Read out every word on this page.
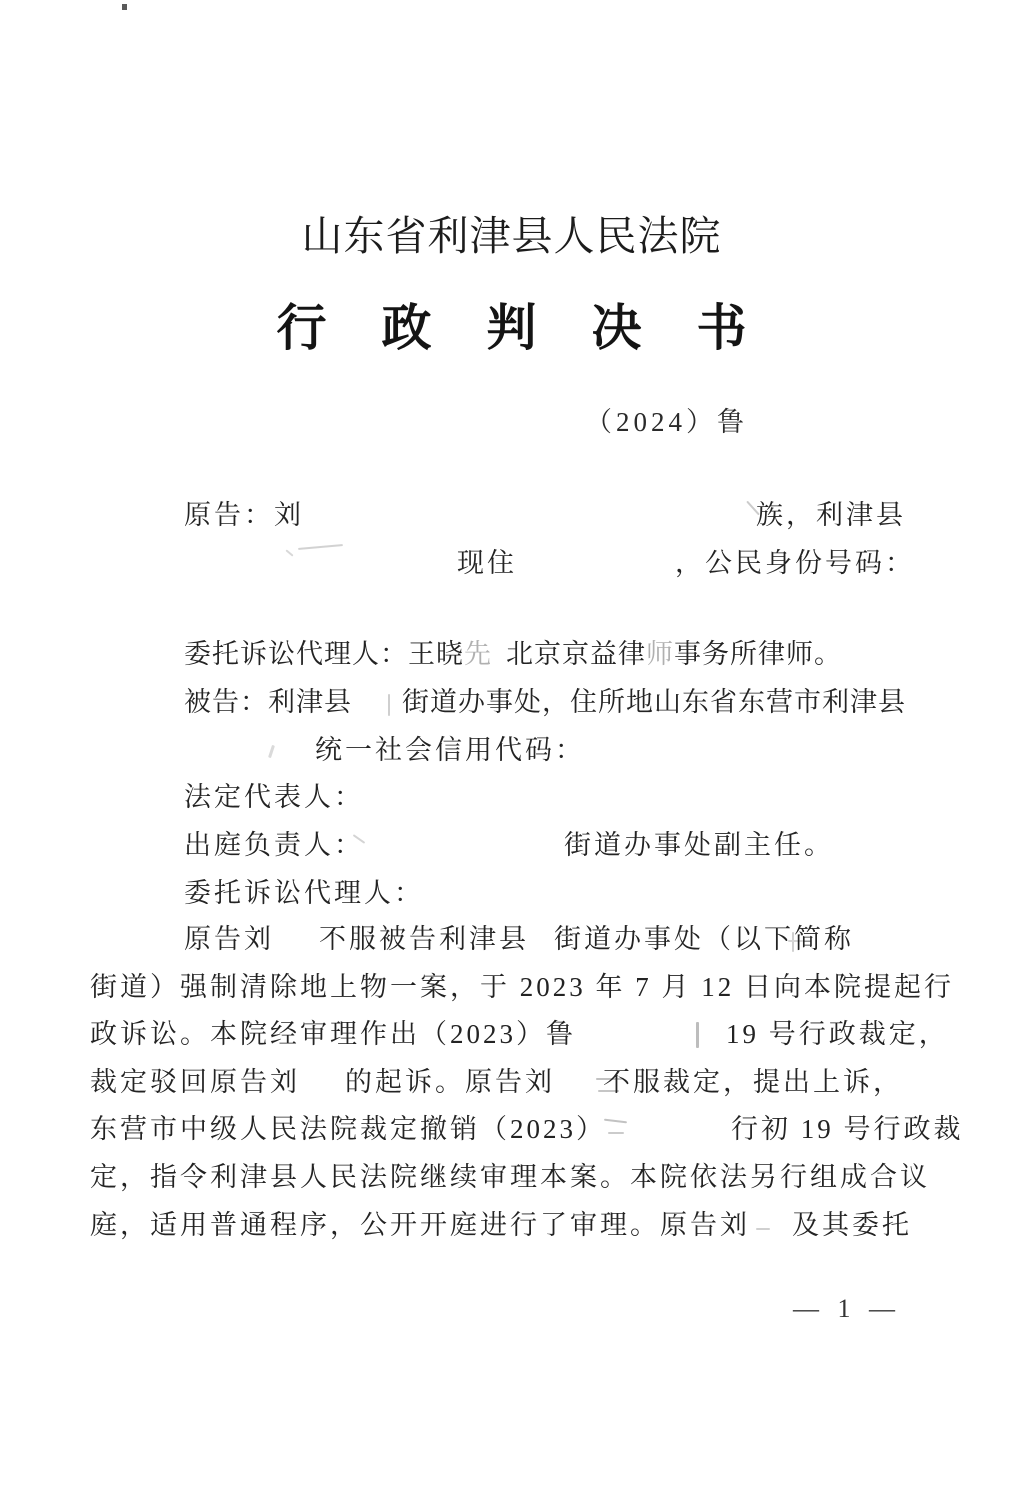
山东省利津县人民法院
行政判决书
（2024）鲁
原告：刘	族，利津县
现住	，公民身份号码：
委托诉讼代理人：王晓先 北京京益律师事务所律师。
被告：利津县 街道办事处，住所地山东省东营市利津县
统一社会信用代码：
法定代表人：
出庭负责人：	街道办事处副主任。
委托诉讼代理人：
原告刘 不服被告利津县 街道办事处（以下简称
街道）强制清除地上物一案，于 2023 年 7 月 12 日向本院提起行
政诉讼。本院经审理作出（2023）鲁	19 号行政裁定，
裁定驳回原告刘 的起诉。原告刘 不服裁定，提出上诉，
东营市中级人民法院裁定撤销（2023）	行初 19 号行政裁
定，指令利津县人民法院继续审理本案。本院依法另行组成合议
庭，适用普通程序，公开开庭进行了审理。原告刘 及其委托
— 1 —
